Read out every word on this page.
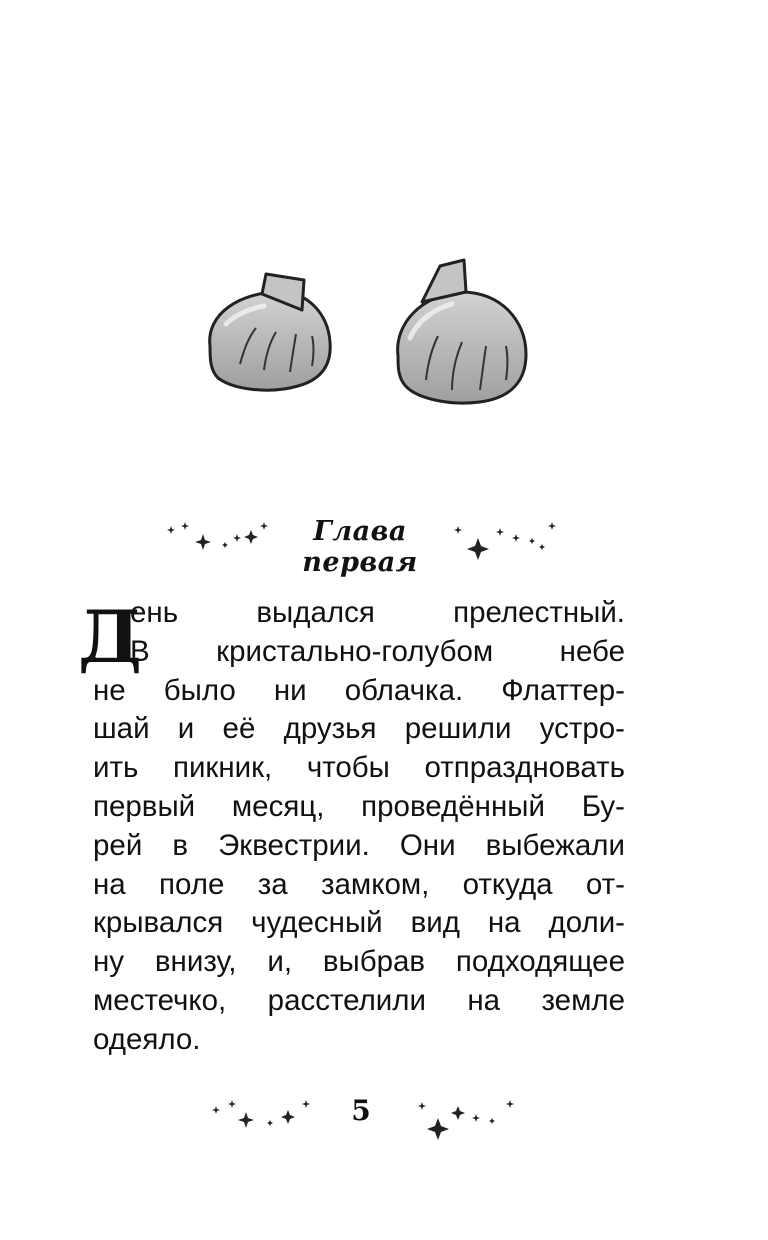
Глава первая
Д
ень выдался прелестный.
В кристально-голубом небе
не было ни облачка. Флаттер-
шай и её друзья решили устро-
ить пикник, чтобы отпраздновать
первый месяц, проведённый Бу-
рей в Эквестрии. Они выбежали
на поле за замком, откуда от-
крывался чудесный вид на доли-
ну внизу, и, выбрав подходящее
местечко, расстелили на земле
одеяло.
5
